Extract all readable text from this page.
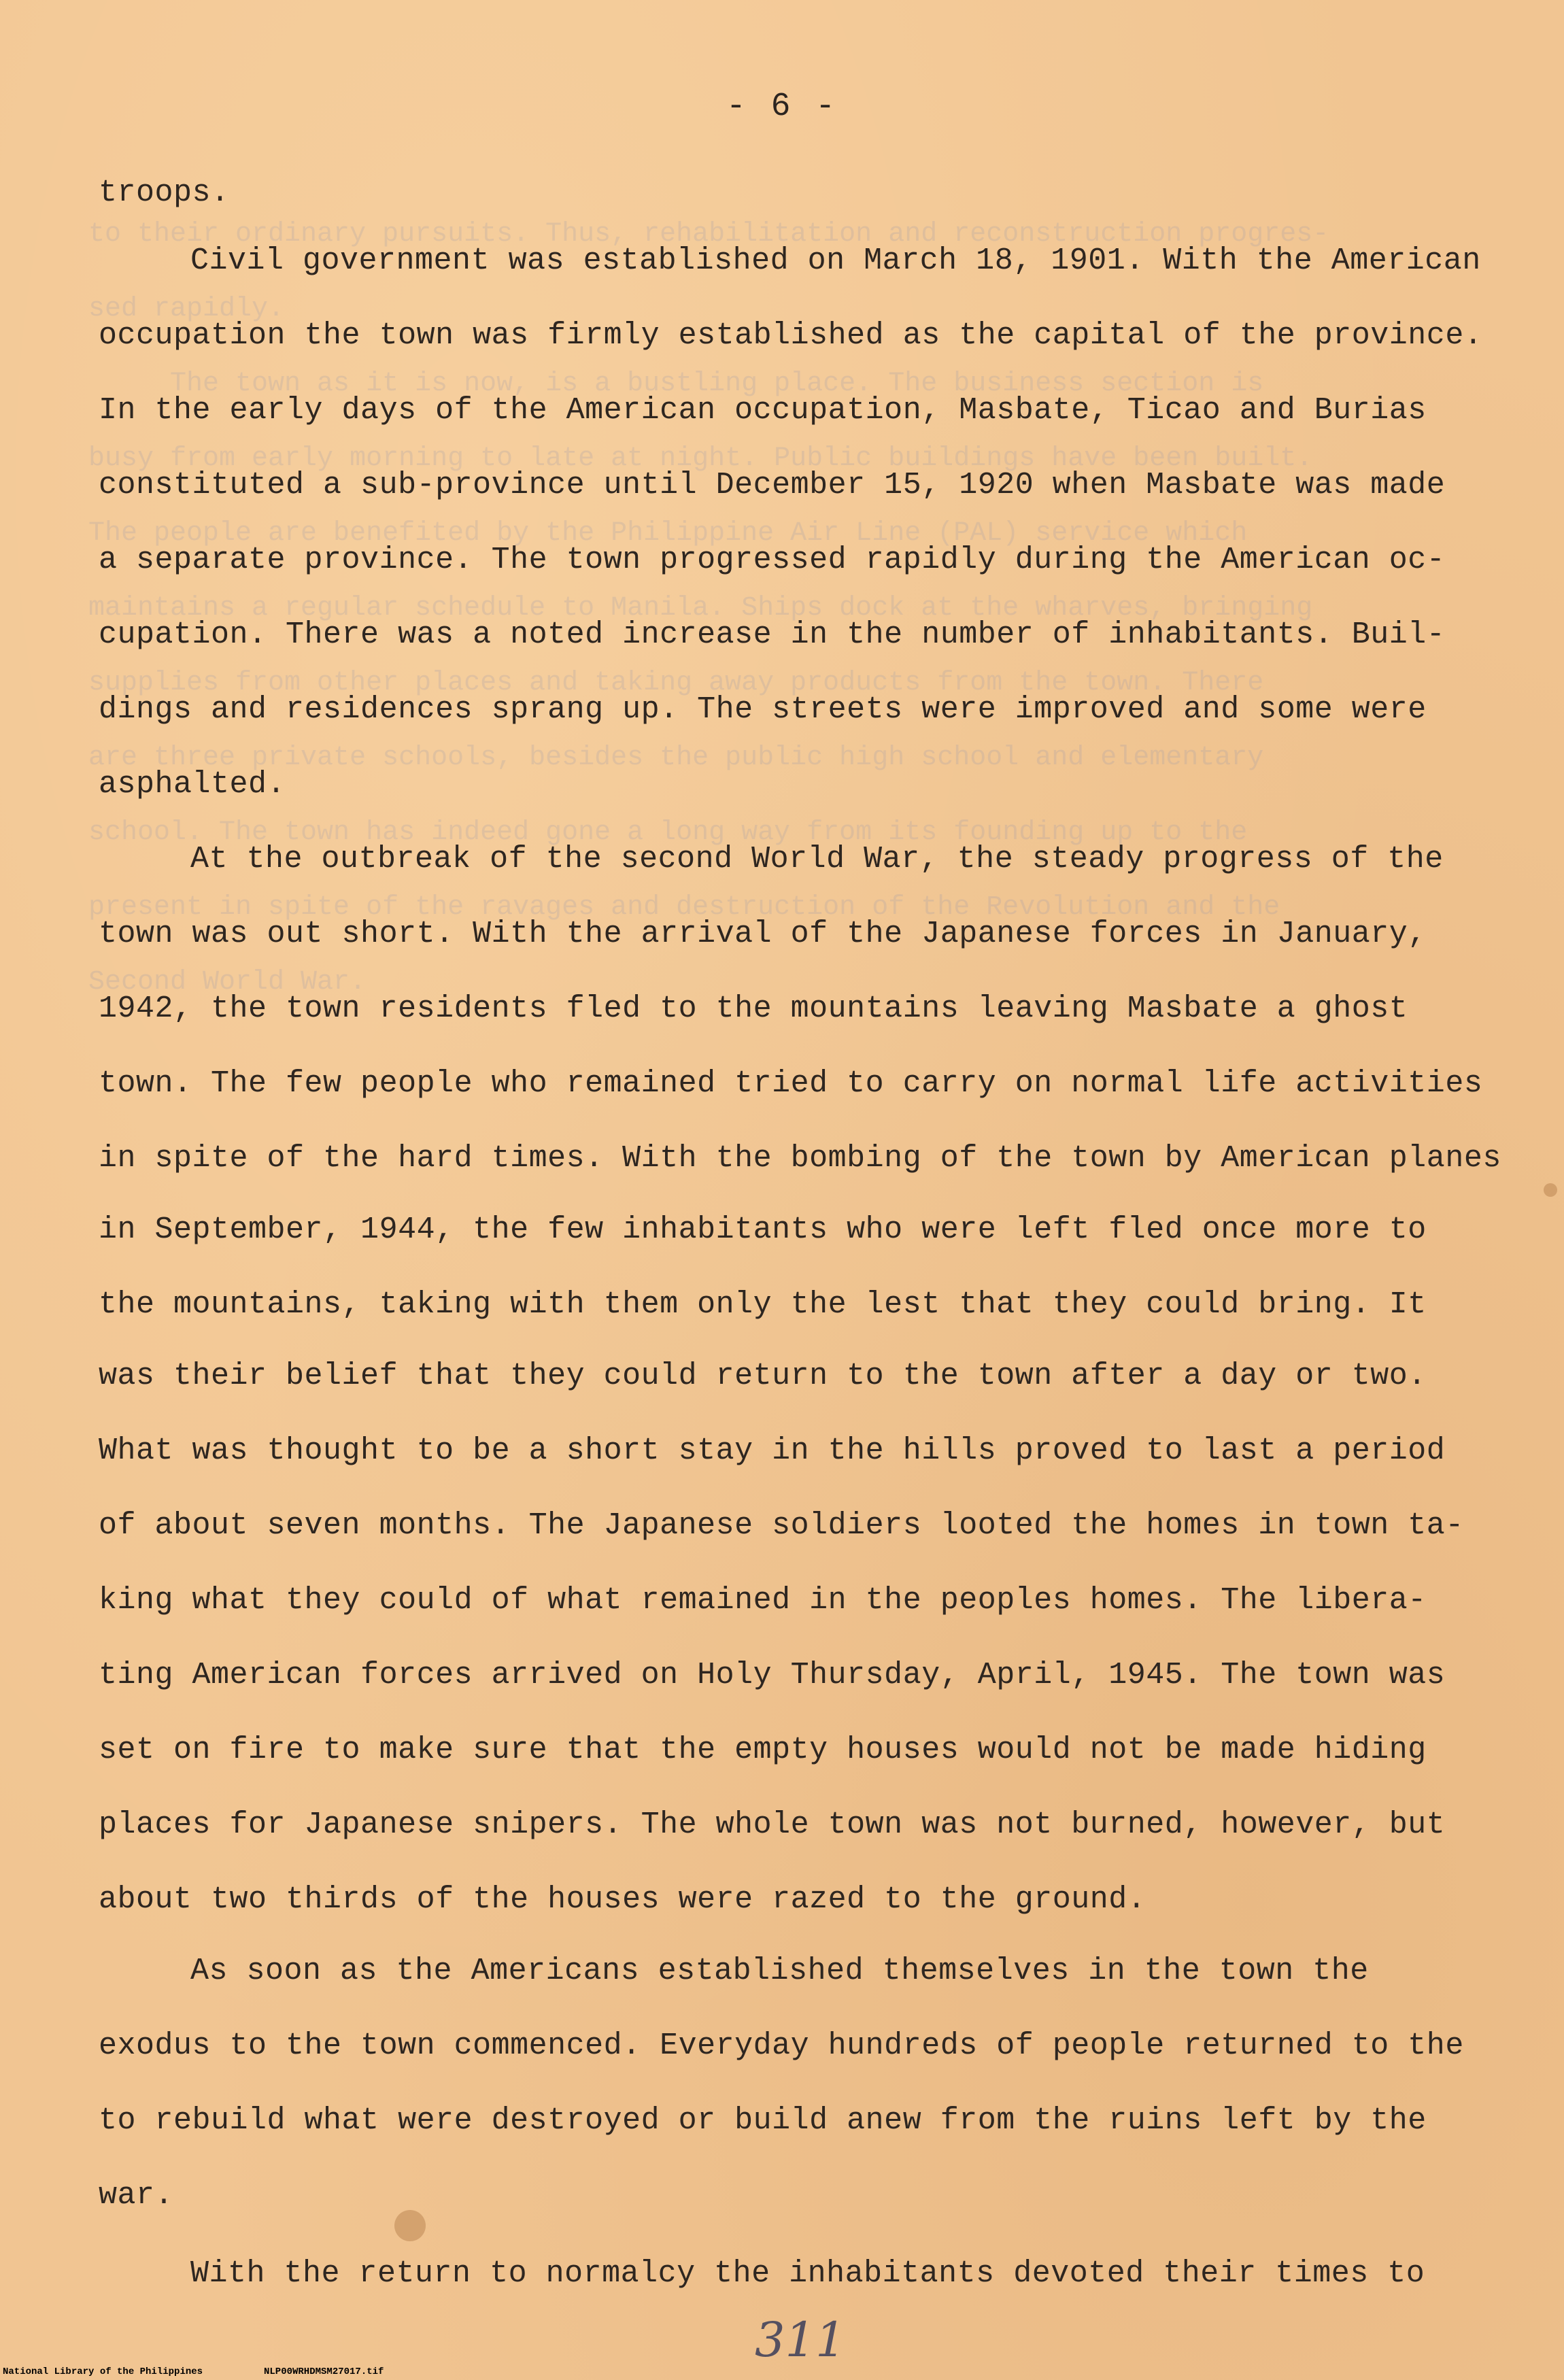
to their ordinary pursuits. Thus, rehabilitation and reconstruction progres-
sed rapidly.
The town as it is now, is a bustling place. The business section is
busy from early morning to late at night. Public buildings have been built.
The people are benefited by the Philippine Air Line (PAL) service which
maintains a regular schedule to Manila. Ships dock at the wharves, bringing
supplies from other places and taking away products from the town. There
are three private schools, besides the public high school and elementary
school. The town has indeed gone a long way from its founding up to the
present in spite of the ravages and destruction of the Revolution and the
Second World War.
- 6 -
troops.
Civil government was established on March 18, 1901. With the American
occupation the town was firmly established as the capital of the province.
In the early days of the American occupation, Masbate, Ticao and Burias
constituted a sub-province until December 15, 1920 when Masbate was made
a separate province. The town progressed rapidly during the American oc-
cupation. There was a noted increase in the number of inhabitants. Buil-
dings and residences sprang up. The streets were improved and some were
asphalted.
At the outbreak of the second World War, the steady progress of the
town was out short. With the arrival of the Japanese forces in January,
1942, the town residents fled to the mountains leaving Masbate a ghost
town. The few people who remained tried to carry on normal life activities
in spite of the hard times. With the bombing of the town by American planes
in September, 1944, the few inhabitants who were left fled once more to
the mountains, taking with them only the lest that they could bring. It
was their belief that they could return to the town after a day or two.
What was thought to be a short stay in the hills proved to last a period
of about seven months. The Japanese soldiers looted the homes in town ta-
king what they could of what remained in the peoples homes. The libera-
ting American forces arrived on Holy Thursday, April, 1945. The town was
set on fire to make sure that the empty houses would not be made hiding
places for Japanese snipers. The whole town was not burned, however, but
about two thirds of the houses were razed to the ground.
As soon as the Americans established themselves in the town the
exodus to the town commenced. Everyday hundreds of people returned to the
to rebuild what were destroyed or build anew from the ruins left by the
war.
With the return to normalcy the inhabitants devoted their times to
311
National Library of the Philippines	NLP00WRHDMSM27017.tif
